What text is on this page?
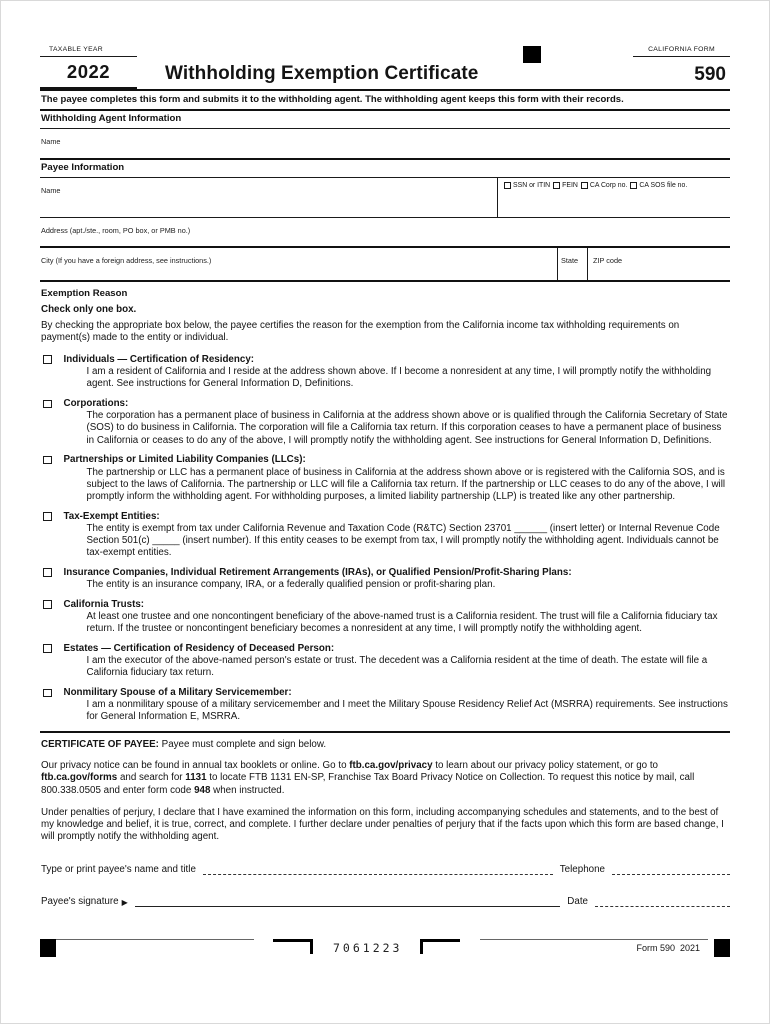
TAXABLE YEAR	CALIFORNIA FORM
2022	Withholding Exemption Certificate	590
The payee completes this form and submits it to the withholding agent. The withholding agent keeps this form with their records.
Withholding Agent Information
Name
Payee Information
Name
SSN or ITIN FEIN CA Corp no. CA SOS file no.
Address (apt./ste., room, PO box, or PMB no.)
City (If you have a foreign address, see instructions.)	State	ZIP code
Exemption Reason
Check only one box.

By checking the appropriate box below, the payee certifies the reason for the exemption from the California income tax withholding requirements on payment(s) made to the entity or individual.

Individuals — Certification of Residency:
I am a resident of California and I reside at the address shown above. If I become a nonresident at any time, I will promptly notify the withholding agent. See instructions for General Information D, Definitions.
Corporations:
The corporation has a permanent place of business in California at the address shown above or is qualified through the California Secretary of State (SOS) to do business in California. The corporation will file a California tax return. If this corporation ceases to have a permanent place of business in California or ceases to do any of the above, I will promptly notify the withholding agent. See instructions for General Information D, Definitions.
Partnerships or Limited Liability Companies (LLCs):
The partnership or LLC has a permanent place of business in California at the address shown above or is registered with the California SOS, and is subject to the laws of California. The partnership or LLC will file a California tax return. If the partnership or LLC ceases to do any of the above, I will promptly inform the withholding agent. For withholding purposes, a limited liability partnership (LLP) is treated like any other partnership.
Tax-Exempt Entities:
The entity is exempt from tax under California Revenue and Taxation Code (R&TC) Section 23701 ______ (insert letter) or Internal Revenue Code Section 501(c) _____ (insert number). If this entity ceases to be exempt from tax, I will promptly notify the withholding agent. Individuals cannot be tax-exempt entities.
Insurance Companies, Individual Retirement Arrangements (IRAs), or Qualified Pension/Profit-Sharing Plans:
The entity is an insurance company, IRA, or a federally qualified pension or profit-sharing plan.
California Trusts:
At least one trustee and one noncontingent beneficiary of the above-named trust is a California resident. The trust will file a California fiduciary tax return. If the trustee or noncontingent beneficiary becomes a nonresident at any time, I will promptly notify the withholding agent.
Estates — Certification of Residency of Deceased Person:
I am the executor of the above-named person's estate or trust. The decedent was a California resident at the time of death. The estate will file a California fiduciary tax return.
Nonmilitary Spouse of a Military Servicemember:
I am a nonmilitary spouse of a military servicemember and I meet the Military Spouse Residency Relief Act (MSRRA) requirements. See instructions for General Information E, MSRRA.
CERTIFICATE OF PAYEE: Payee must complete and sign below.

Our privacy notice can be found in annual tax booklets or online. Go to ftb.ca.gov/privacy to learn about our privacy policy statement, or go to ftb.ca.gov/forms and search for 1131 to locate FTB 1131 EN-SP, Franchise Tax Board Privacy Notice on Collection. To request this notice by mail, call 800.338.0505 and enter form code 948 when instructed.

Under penalties of perjury, I declare that I have examined the information on this form, including accompanying schedules and statements, and to the best of my knowledge and belief, it is true, correct, and complete. I further declare under penalties of perjury that if the facts upon which this form are based change, I will promptly notify the withholding agent.

Type or print payee's name and title	Telephone
Payee's signature ▶	Date
7061223	Form 590  2021
